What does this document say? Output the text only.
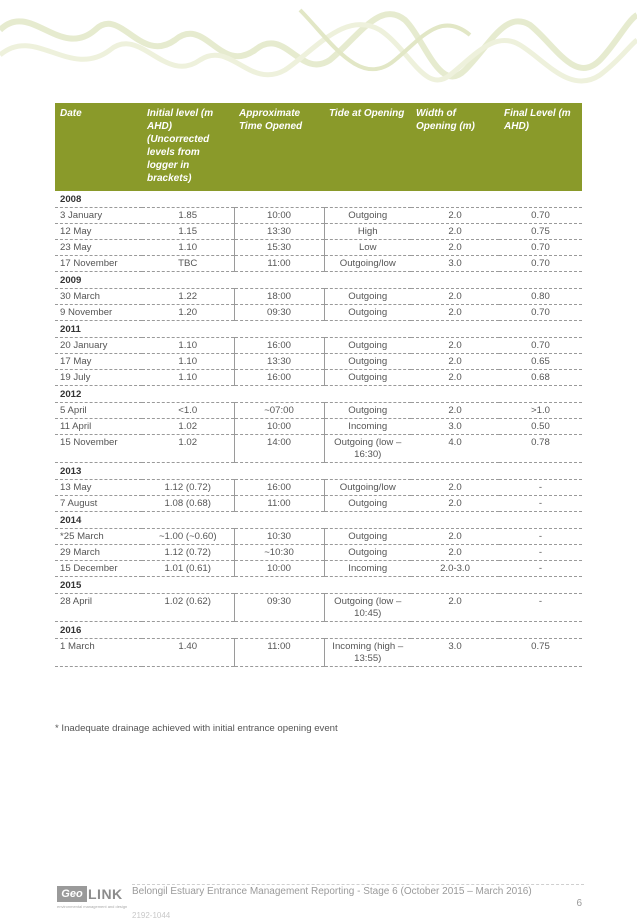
Date	Initial level (m AHD) (Uncorrected levels from logger in brackets)	Approximate Time Opened	Tide at Opening	Width of Opening (m)	Final Level (m AHD)
2008					
3 January	1.85	10:00	Outgoing	2.0	0.70
12 May	1.15	13:30	High	2.0	0.75
23 May	1.10	15:30	Low	2.0	0.70
17 November	TBC	11:00	Outgoing/low	3.0	0.70
2009					
30 March	1.22	18:00	Outgoing	2.0	0.80
9 November	1.20	09:30	Outgoing	2.0	0.70
2011					
20 January	1.10	16:00	Outgoing	2.0	0.70
17 May	1.10	13:30	Outgoing	2.0	0.65
19 July	1.10	16:00	Outgoing	2.0	0.68
2012					
5 April	<1.0	~07:00	Outgoing	2.0	>1.0
11 April	1.02	10:00	Incoming	3.0	0.50
15 November	1.02	14:00	Outgoing (low – 16:30)	4.0	0.78
2013					
13 May	1.12 (0.72)	16:00	Outgoing/low	2.0	-
7 August	1.08 (0.68)	11:00	Outgoing	2.0	-
2014					
*25 March	~1.00 (~0.60)	10:30	Outgoing	2.0	-
29 March	1.12 (0.72)	~10:30	Outgoing	2.0	-
15 December	1.01 (0.61)	10:00	Incoming	2.0-3.0	-
2015					
28 April	1.02 (0.62)	09:30	Outgoing (low – 10:45)	2.0	-
2016					
1 March	1.40	11:00	Incoming (high – 13:55)	3.0	0.75
* Inadequate drainage achieved with initial entrance opening event
Geo LINK
environmental management and design
Belongil Estuary Entrance Management Reporting - Stage 6 (October 2015 – March 2016)
2192-1044
6
